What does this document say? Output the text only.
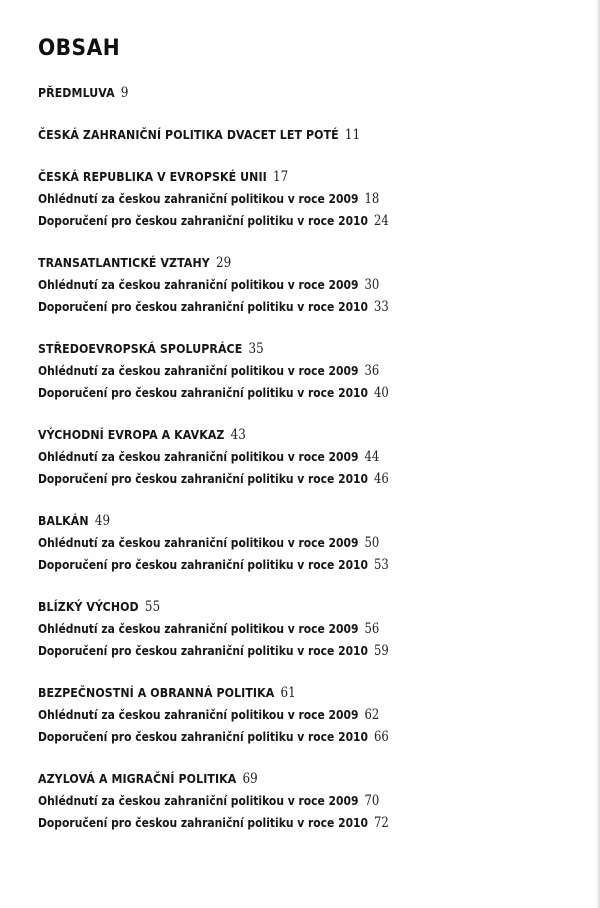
OBSAH
PŘEDMLUVA 9
ČESKÁ ZAHRANIČNÍ POLITIKA DVACET LET POTÉ 11
ČESKÁ REPUBLIKA V EVROPSKÉ UNII 17
Ohlédnutí za českou zahraniční politikou v roce 2009 18
Doporučení pro českou zahraniční politiku v roce 2010 24
TRANSATLANTICKÉ VZTAHY 29
Ohlédnutí za českou zahraniční politikou v roce 2009 30
Doporučení pro českou zahraniční politiku v roce 2010 33
STŘEDOEVROPSKÁ SPOLUPRÁCE 35
Ohlédnutí za českou zahraniční politikou v roce 2009 36
Doporučení pro českou zahraniční politiku v roce 2010 40
VÝCHODNÍ EVROPA A KAVKAZ 43
Ohlédnutí za českou zahraniční politikou v roce 2009 44
Doporučení pro českou zahraniční politiku v roce 2010 46
BALKÁN 49
Ohlédnutí za českou zahraniční politikou v roce 2009 50
Doporučení pro českou zahraniční politiku v roce 2010 53
BLÍZKÝ VÝCHOD 55
Ohlédnutí za českou zahraniční politikou v roce 2009 56
Doporučení pro českou zahraniční politiku v roce 2010 59
BEZPEČNOSTNÍ A OBRANNÁ POLITIKA 61
Ohlédnutí za českou zahraniční politikou v roce 2009 62
Doporučení pro českou zahraniční politiku v roce 2010 66
AZYLOVÁ A MIGRAČNÍ POLITIKA 69
Ohlédnutí za českou zahraniční politikou v roce 2009 70
Doporučení pro českou zahraniční politiku v roce 2010 72
